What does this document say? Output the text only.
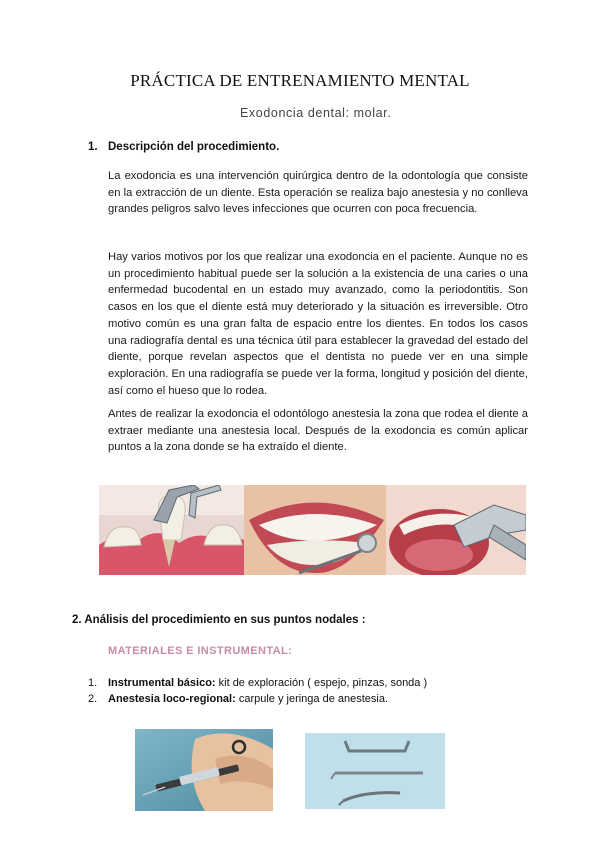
PRÁCTICA DE ENTRENAMIENTO MENTAL
Exodoncia dental: molar.
1. Descripción del procedimiento.
La exodoncia es una intervención quirúrgica dentro de la odontología que consiste en la extracción de un diente. Esta operación se realiza bajo anestesia y no conlleva grandes peligros salvo leves infecciones que ocurren con poca frecuencia.
Hay varios motivos por los que realizar una exodoncia en el paciente. Aunque no es un procedimiento habitual puede ser la solución a la existencia de una caries o una enfermedad bucodental en un estado muy avanzado, como la periodontitis. Son casos en los que el diente está muy deteriorado y la situación es irreversible. Otro motivo común es una gran falta de espacio entre los dientes. En todos los casos una radiografía dental es una técnica útil para establecer la gravedad del estado del diente, porque revelan aspectos que el dentista no puede ver en una simple exploración. En una radiografía se puede ver la forma, longitud y posición del diente, así como el hueso que lo rodea.
Antes de realizar la exodoncia el odontólogo anestesia la zona que rodea el diente a extraer mediante una anestesia local. Después de la exodoncia es común aplicar puntos a la zona donde se ha extraído el diente.
2. Análisis del procedimiento en sus puntos nodales :
MATERIALES E INSTRUMENTAL:
1. Instrumental básico: kit de exploración ( espejo, pinzas, sonda )
2. Anestesia loco-regional: carpule y jeringa de anestesia.
